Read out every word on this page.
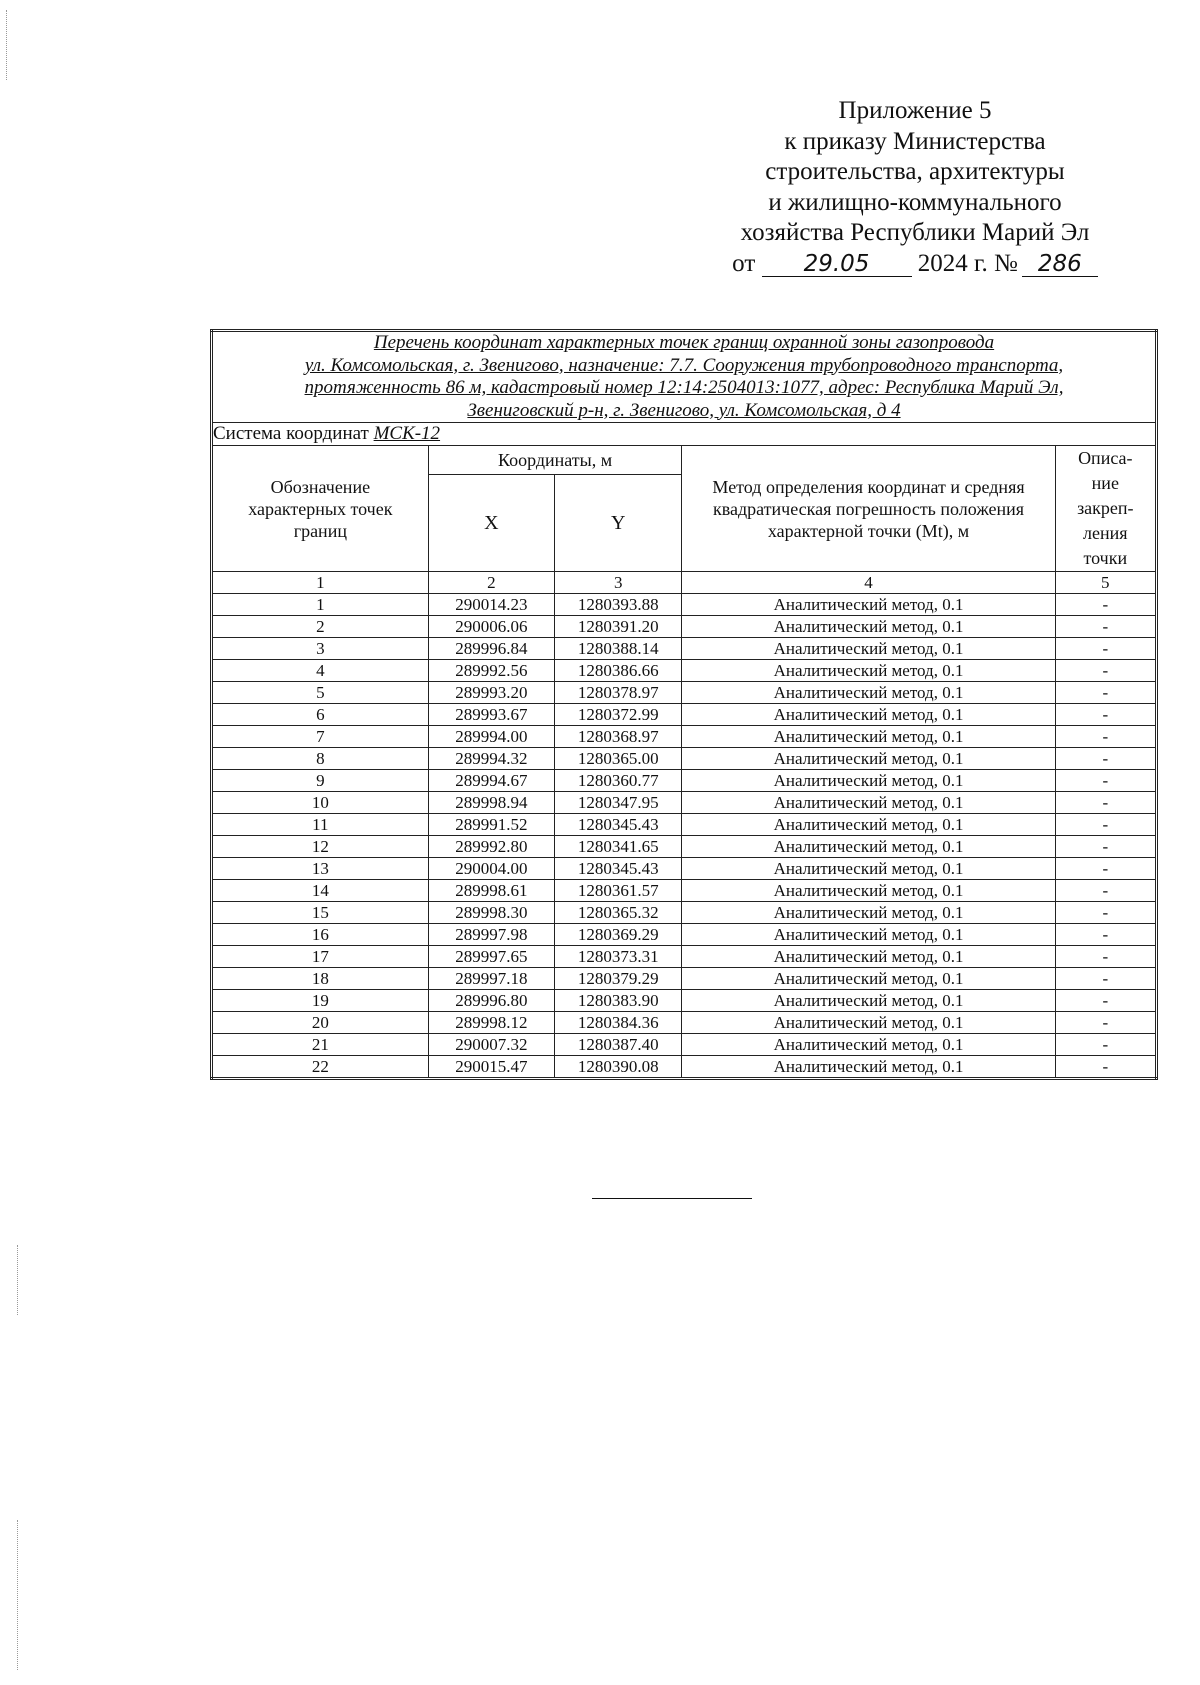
Приложение 5
к приказу Министерства
строительства, архитектуры
и жилищно-коммунального
хозяйства Республики Марий Эл
от 29.05 2024 г. № 286
Перечень координат характерных точек границ охранной зоны газопровода
ул. Комсомольская, г. Звенигово, назначение: 7.7. Сооружения трубопроводного транспорта,
протяженность 86 м, кадастровый номер 12:14:2504013:1077, адрес: Республика Марий Эл,
Звениговский р-н, г. Звенигово, ул. Комсомольская, д 4				

Система координат МСК-12				
Обозначение характерных точек границ	Координаты, м		Метод определения координат и средняя квадратическая погрешность положения характерной точки (Mt), м	Описа-
ние
закреп-
ления
точки

	X	Y		
1	2	3	4	5
1	290014.23	1280393.88	Аналитический метод, 0.1	-
2	290006.06	1280391.20	Аналитический метод, 0.1	-
3	289996.84	1280388.14	Аналитический метод, 0.1	-
4	289992.56	1280386.66	Аналитический метод, 0.1	-
5	289993.20	1280378.97	Аналитический метод, 0.1	-
6	289993.67	1280372.99	Аналитический метод, 0.1	-
7	289994.00	1280368.97	Аналитический метод, 0.1	-
8	289994.32	1280365.00	Аналитический метод, 0.1	-
9	289994.67	1280360.77	Аналитический метод, 0.1	-
10	289998.94	1280347.95	Аналитический метод, 0.1	-
11	289991.52	1280345.43	Аналитический метод, 0.1	-
12	289992.80	1280341.65	Аналитический метод, 0.1	-
13	290004.00	1280345.43	Аналитический метод, 0.1	-
14	289998.61	1280361.57	Аналитический метод, 0.1	-
15	289998.30	1280365.32	Аналитический метод, 0.1	-
16	289997.98	1280369.29	Аналитический метод, 0.1	-
17	289997.65	1280373.31	Аналитический метод, 0.1	-
18	289997.18	1280379.29	Аналитический метод, 0.1	-
19	289996.80	1280383.90	Аналитический метод, 0.1	-
20	289998.12	1280384.36	Аналитический метод, 0.1	-
21	290007.32	1280387.40	Аналитический метод, 0.1	-
22	290015.47	1280390.08	Аналитический метод, 0.1	-
